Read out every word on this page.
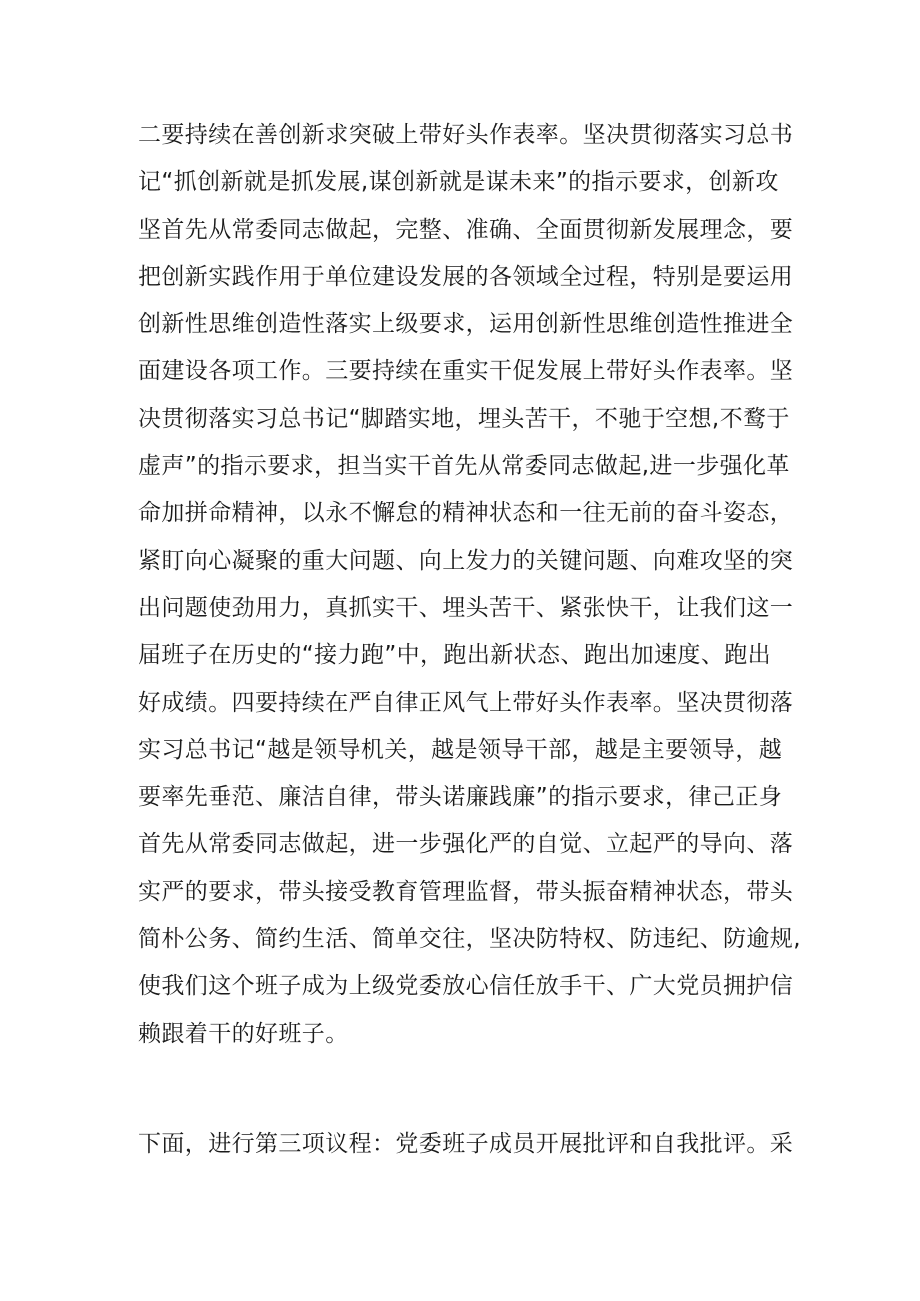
二要持续在善创新求突破上带好头作表率。坚决贯彻落实习总书
记“抓创新就是抓发展,谋创新就是谋未来”的指示要求，创新攻
坚首先从常委同志做起，完整、准确、全面贯彻新发展理念，要
把创新实践作用于单位建设发展的各领域全过程，特别是要运用
创新性思维创造性落实上级要求，运用创新性思维创造性推进全
面建设各项工作。三要持续在重实干促发展上带好头作表率。坚
决贯彻落实习总书记“脚踏实地，埋头苦干，不驰于空想,不鹜于
虚声”的指示要求，担当实干首先从常委同志做起,进一步强化革
命加拼命精神，以永不懈怠的精神状态和一往无前的奋斗姿态，
紧盯向心凝聚的重大问题、向上发力的关键问题、向难攻坚的突
出问题使劲用力，真抓实干、埋头苦干、紧张快干，让我们这一
届班子在历史的“接力跑”中，跑出新状态、跑出加速度、跑出
好成绩。四要持续在严自律正风气上带好头作表率。坚决贯彻落
实习总书记“越是领导机关，越是领导干部，越是主要领导，越
要率先垂范、廉洁自律，带头诺廉践廉”的指示要求，律己正身
首先从常委同志做起，进一步强化严的自觉、立起严的导向、落
实严的要求，带头接受教育管理监督，带头振奋精神状态，带头
简朴公务、简约生活、简单交往，坚决防特权、防违纪、防逾规,
使我们这个班子成为上级党委放心信任放手干、广大党员拥护信
赖跟着干的好班子。
下面，进行第三项议程：党委班子成员开展批评和自我批评。采
